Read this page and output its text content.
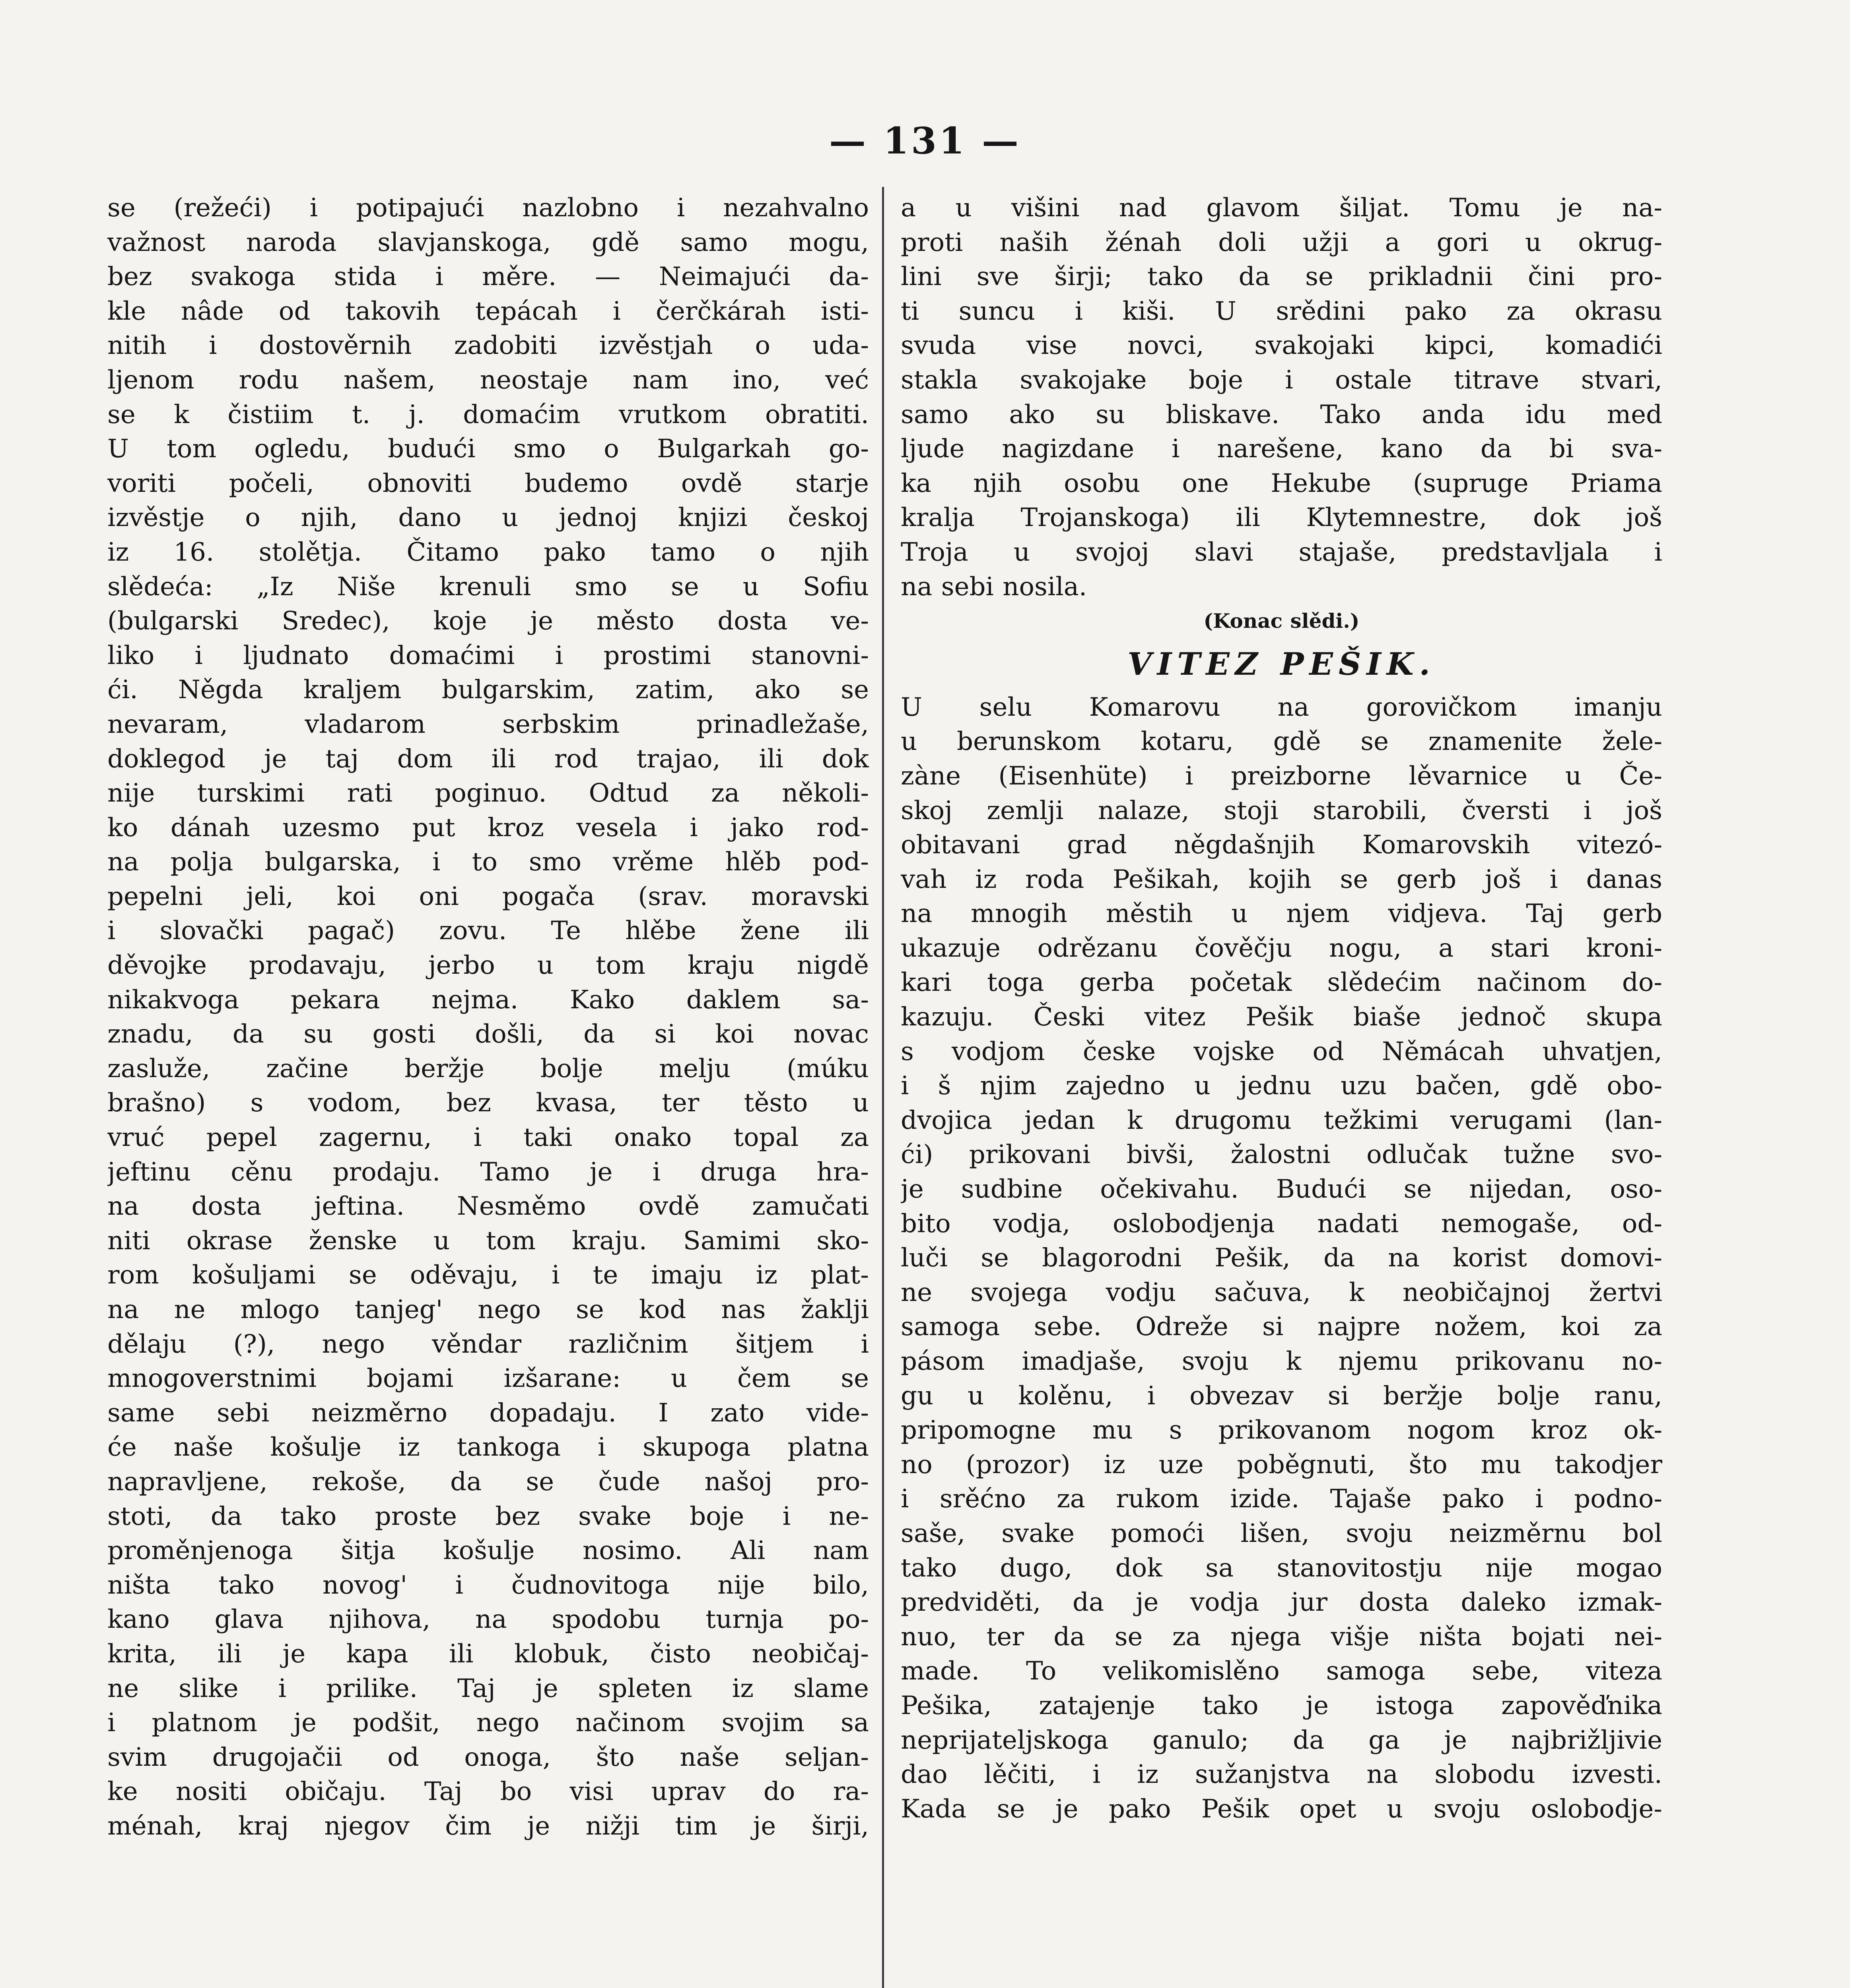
— 131 —
se (režeći) i potipajući nazlobno i nezahvalno
važnost naroda slavjanskoga, gdě samo mogu,
bez svakoga stida i měre. — Neimajući da-
kle nâde od takovih tepácah i čerčkárah isti-
nitih i dostověrnih zadobiti izvěstjah o uda-
ljenom rodu našem, neostaje nam ino, već
se k čistiim t. j. domaćim vrutkom obratiti.
U tom ogledu, budući smo o Bulgarkah go-
voriti počeli, obnoviti budemo ovdě starje
izvěstje o njih, dano u jednoj knjizi českoj
iz 16. stolětja. Čitamo pako tamo o njih
slědeća: „Iz Niše krenuli smo se u Sofiu
(bulgarski Sredec), koje je město dosta ve-
liko i ljudnato domaćimi i prostimi stanovni-
ći. Něgda kraljem bulgarskim, zatim, ako se
nevaram, vladarom serbskim prinadležaše,
doklegod je taj dom ili rod trajao, ili dok
nije turskimi rati poginuo. Odtud za několi-
ko dánah uzesmo put kroz vesela i jako rod-
na polja bulgarska, i to smo vrěme hlěb pod-
pepelni jeli, koi oni pogača (srav. moravski
i slovački pagač) zovu. Te hlěbe žene ili
děvojke prodavaju, jerbo u tom kraju nigdě
nikakvoga pekara nejma. Kako daklem sa-
znadu, da su gosti došli, da si koi novac
zasluže, začine beržje bolje melju (múku
brašno) s vodom, bez kvasa, ter těsto u
vruć pepel zagernu, i taki onako topal za
jeftinu cěnu prodaju. Tamo je i druga hra-
na dosta jeftina. Nesměmo ovdě zamučati
niti okrase ženske u tom kraju. Samimi sko-
rom košuljami se oděvaju, i te imaju iz plat-
na ne mlogo tanjeg' nego se kod nas žaklji
dělaju (?), nego věndar različnim šitjem i
mnogoverstnimi bojami izšarane: u čem se
same sebi neizměrno dopadaju. I zato vide-
će naše košulje iz tankoga i skupoga platna
napravljene, rekoše, da se čude našoj pro-
stoti, da tako proste bez svake boje i ne-
proměnjenoga šitja košulje nosimo. Ali nam
ništa tako novog' i čudnovitoga nije bilo,
kano glava njihova, na spodobu turnja po-
krita, ili je kapa ili klobuk, čisto neobičaj-
ne slike i prilike. Taj je spleten iz slame
i platnom je podšit, nego načinom svojim sa
svim drugojačii od onoga, što naše seljan-
ke nositi običaju. Taj bo visi uprav do ra-
ménah, kraj njegov čim je nižji tim je širji,
a u višini nad glavom šiljat. Tomu je na-
proti naših žénah doli užji a gori u okrug-
lini sve širji; tako da se prikladnii čini pro-
ti suncu i kiši. U srědini pako za okrasu
svuda vise novci, svakojaki kipci, komadići
stakla svakojake boje i ostale titrave stvari,
samo ako su bliskave. Tako anda idu med
ljude nagizdane i narešene, kano da bi sva-
ka njih osobu one Hekube (supruge Priama
kralja Trojanskoga) ili Klytemnestre, dok još
Troja u svojoj slavi stajaše, predstavljala i
na sebi nosila.
(Konac slědi.)
VITEZ PEŠIK.
U selu Komarovu na gorovičkom imanju
u berunskom kotaru, gdě se znamenite žele-
zàne (Eisenhüte) i preizborne lěvarnice u Če-
skoj zemlji nalaze, stoji starobili, čversti i još
obitavani grad něgdašnjih Komarovskih vitezó-
vah iz roda Pešikah, kojih se gerb još i danas
na mnogih městih u njem vidjeva. Taj gerb
ukazuje odrězanu čověčju nogu, a stari kroni-
kari toga gerba početak slědećim načinom do-
kazuju. Česki vitez Pešik biaše jednoč skupa
s vodjom česke vojske od Němácah uhvatjen,
i š njim zajedno u jednu uzu bačen, gdě obo-
dvojica jedan k drugomu težkimi verugami (lan-
ći) prikovani bivši, žalostni odlučak tužne svo-
je sudbine očekivahu. Budući se nijedan, oso-
bito vodja, oslobodjenja nadati nemogaše, od-
luči se blagorodni Pešik, da na korist domovi-
ne svojega vodju sačuva, k neobičajnoj žertvi
samoga sebe. Odreže si najpre nožem, koi za
pásom imadjaše, svoju k njemu prikovanu no-
gu u kolěnu, i obvezav si beržje bolje ranu,
pripomogne mu s prikovanom nogom kroz ok-
no (prozor) iz uze poběgnuti, što mu takodjer
i srěćno za rukom izide. Tajaše pako i podno-
saše, svake pomoći lišen, svoju neizměrnu bol
tako dugo, dok sa stanovitostju nije mogao
predviděti, da je vodja jur dosta daleko izmak-
nuo, ter da se za njega višje ništa bojati nei-
made. To velikomislěno samoga sebe, viteza
Pešika, zatajenje tako je istoga zapověďnika
neprijateljskoga ganulo; da ga je najbrižljivie
dao lěčiti, i iz sužanjstva na slobodu izvesti.
Kada se je pako Pešik opet u svoju oslobodje-
